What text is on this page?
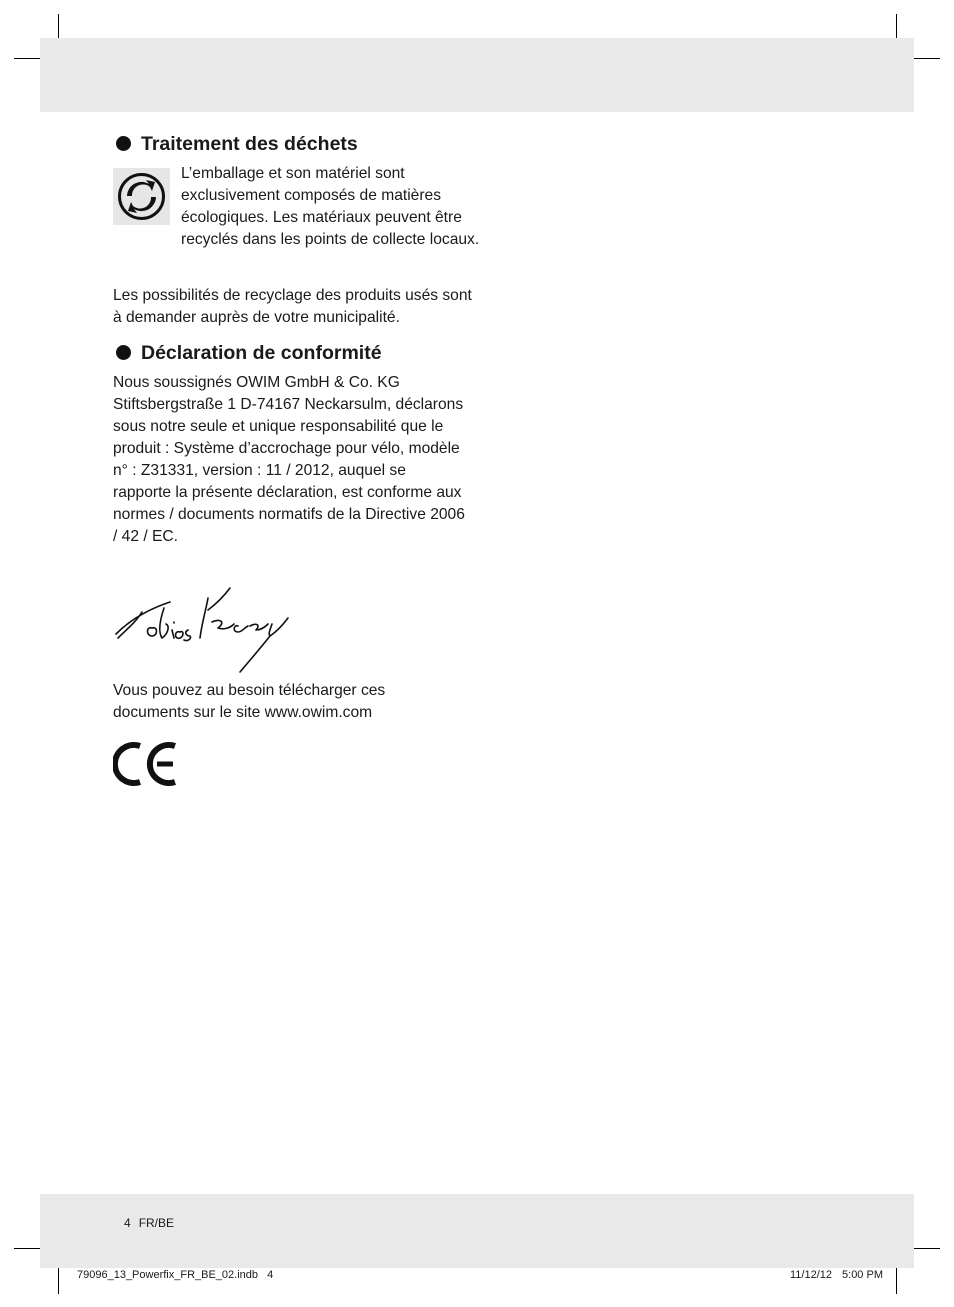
Traitement des déchets
L’emballage et son matériel sont exclusivement composés de matières écologiques. Les matériaux peuvent être recyclés dans les points de collecte locaux.
Les possibilités de recyclage des produits usés sont à demander auprès de votre municipalité.
Déclaration de conformité
Nous soussignés OWIM GmbH & Co. KG Stiftsbergstraße 1 D-74167 Neckarsulm, déclarons sous notre seule et unique responsabilité que le produit : Système d’accrochage pour vélo, modèle n° : Z31331, version : 11 / 2012, auquel se rapporte la présente déclaration, est conforme aux normes / documents normatifs de la Directive 2006 / 42 / EC.
Vous pouvez au besoin télécharger ces documents sur le site www.owim.com
4 FR/BE
79096_13_Powerfix_FR_BE_02.indb   4	11/12/12 5:00 PM
